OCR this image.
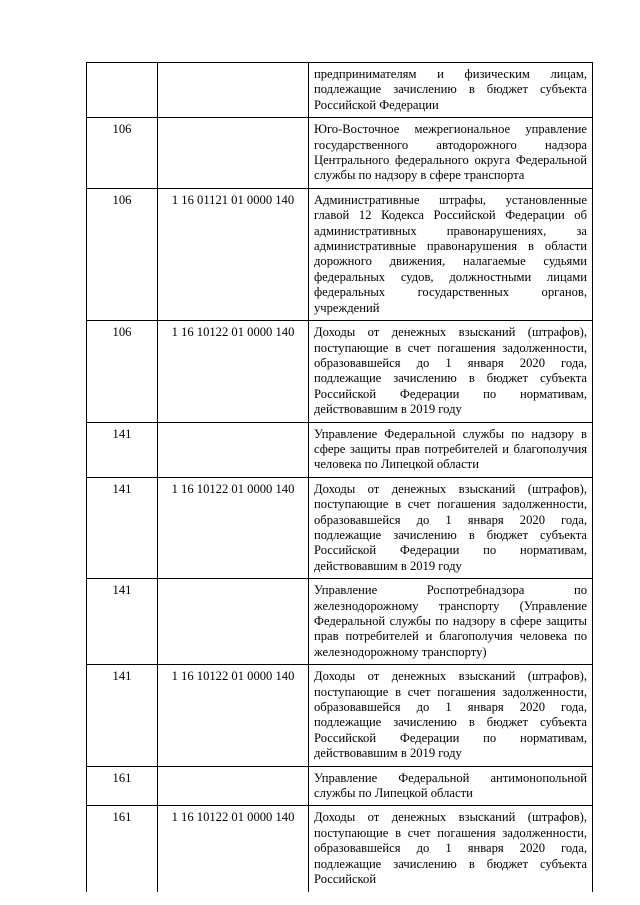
		предпринимателям и физическим лицам, подлежащие зачислению в бюджет субъекта Российской Федерации
106		Юго-Восточное межрегиональное управление государственного автодорожного надзора Центрального федерального округа Федеральной службы по надзору в сфере транспорта
106	1 16 01121 01 0000 140	Административные штрафы, установленные главой 12 Кодекса Российской Федерации об административных правонарушениях, за административные правонарушения в области дорожного движения, налагаемые судьями федеральных судов, должностными лицами федеральных государственных органов, учреждений
106	1 16 10122 01 0000 140	Доходы от денежных взысканий (штрафов), поступающие в счет погашения задолженности, образовавшейся до 1 января 2020 года, подлежащие зачислению в бюджет субъекта Российской Федерации по нормативам, действовавшим в 2019 году
141		Управление Федеральной службы по надзору в сфере защиты прав потребителей и благополучия человека по Липецкой области
141	1 16 10122 01 0000 140	Доходы от денежных взысканий (штрафов), поступающие в счет погашения задолженности, образовавшейся до 1 января 2020 года, подлежащие зачислению в бюджет субъекта Российской Федерации по нормативам, действовавшим в 2019 году
141		Управление Роспотребнадзора по железнодорожному транспорту (Управление Федеральной службы по надзору в сфере защиты прав потребителей и благополучия человека по железнодорожному транспорту)
141	1 16 10122 01 0000 140	Доходы от денежных взысканий (штрафов), поступающие в счет погашения задолженности, образовавшейся до 1 января 2020 года, подлежащие зачислению в бюджет субъекта Российской Федерации по нормативам, действовавшим в 2019 году
161		Управление Федеральной антимонопольной службы по Липецкой области
161	1 16 10122 01 0000 140	Доходы от денежных взысканий (штрафов), поступающие в счет погашения задолженности, образовавшейся до 1 января 2020 года, подлежащие зачислению в бюджет субъекта Российской
